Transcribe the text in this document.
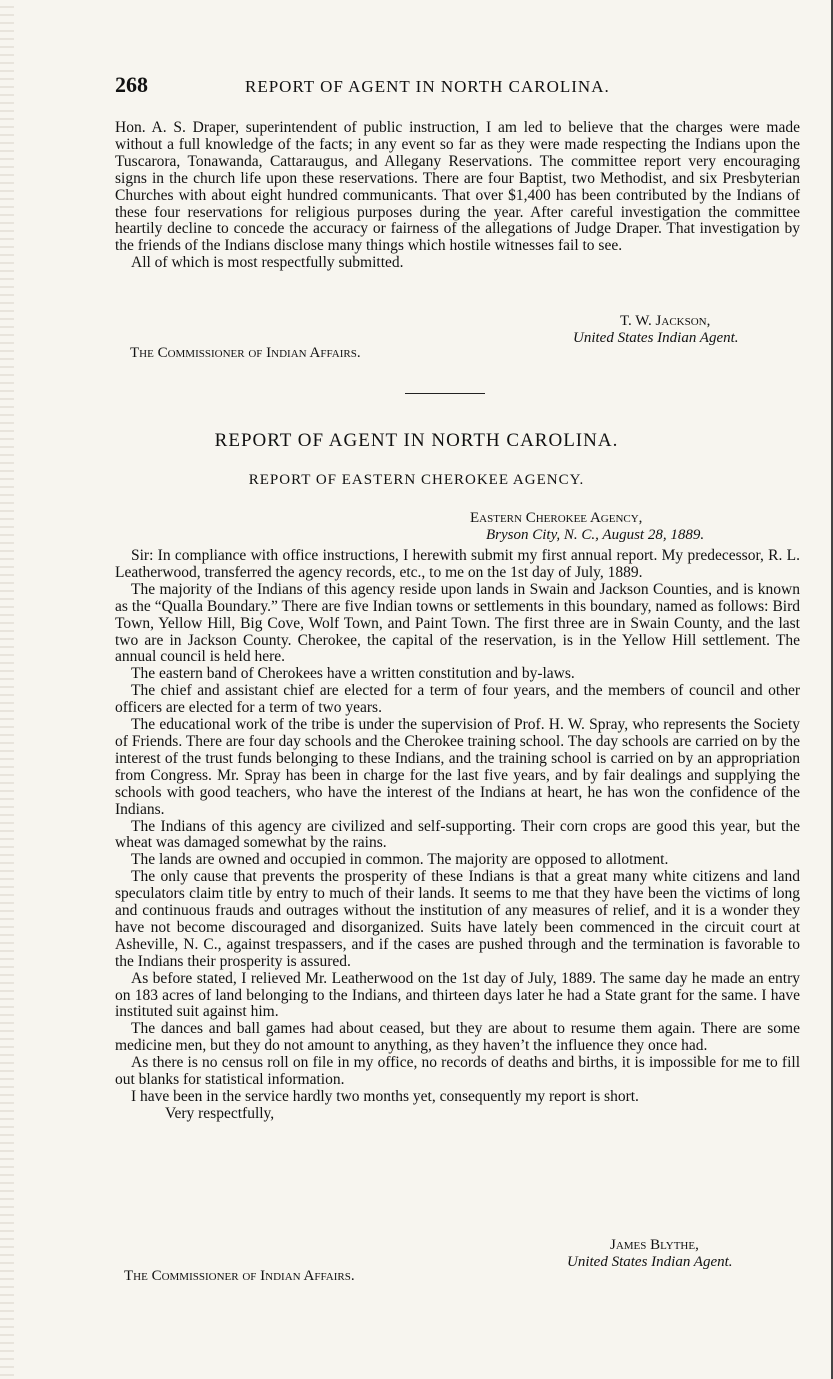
268	REPORT OF AGENT IN NORTH CAROLINA.

Hon. A. S. Draper, superintendent of public instruction, I am led to believe that the charges were made without a full knowledge of the facts; in any event so far as they were made respecting the Indians upon the Tuscarora, Tonawanda, Cattaraugus, and Allegany Reservations. The committee report very encouraging signs in the church life upon these reservations. There are four Baptist, two Methodist, and six Presbyterian Churches with about eight hundred communicants. That over $1,400 has been contributed by the Indians of these four reservations for religious purposes during the year. After careful investigation the committee heartily decline to concede the accuracy or fairness of the allegations of Judge Draper. That investigation by the friends of the Indians disclose many things which hostile witnesses fail to see.

All of which is most respectfully submitted.

T. W. Jackson,
United States Indian Agent.
The Commissioner of Indian Affairs.
REPORT OF AGENT IN NORTH CAROLINA.
REPORT OF EASTERN CHEROKEE AGENCY.
Eastern Cherokee Agency,
Bryson City, N. C., August 28, 1889.

Sir: In compliance with office instructions, I herewith submit my first annual report. My predecessor, R. L. Leatherwood, transferred the agency records, etc., to me on the 1st day of July, 1889.

The majority of the Indians of this agency reside upon lands in Swain and Jackson Counties, and is known as the “Qualla Boundary.” There are five Indian towns or settlements in this boundary, named as follows: Bird Town, Yellow Hill, Big Cove, Wolf Town, and Paint Town. The first three are in Swain County, and the last two are in Jackson County. Cherokee, the capital of the reservation, is in the Yellow Hill settlement. The annual council is held here.

The eastern band of Cherokees have a written constitution and by-laws.

The chief and assistant chief are elected for a term of four years, and the members of council and other officers are elected for a term of two years.

The educational work of the tribe is under the supervision of Prof. H. W. Spray, who represents the Society of Friends. There are four day schools and the Cherokee training school. The day schools are carried on by the interest of the trust funds belonging to these Indians, and the training school is carried on by an appropriation from Congress. Mr. Spray has been in charge for the last five years, and by fair dealings and supplying the schools with good teachers, who have the interest of the Indians at heart, he has won the confidence of the Indians.

The Indians of this agency are civilized and self-supporting. Their corn crops are good this year, but the wheat was damaged somewhat by the rains.

The lands are owned and occupied in common. The majority are opposed to allotment.

The only cause that prevents the prosperity of these Indians is that a great many white citizens and land speculators claim title by entry to much of their lands. It seems to me that they have been the victims of long and continuous frauds and outrages without the institution of any measures of relief, and it is a wonder they have not become discouraged and disorganized. Suits have lately been commenced in the circuit court at Asheville, N. C., against trespassers, and if the cases are pushed through and the termination is favorable to the Indians their prosperity is assured.

As before stated, I relieved Mr. Leatherwood on the 1st day of July, 1889. The same day he made an entry on 183 acres of land belonging to the Indians, and thirteen days later he had a State grant for the same. I have instituted suit against him.

The dances and ball games had about ceased, but they are about to resume them again. There are some medicine men, but they do not amount to anything, as they haven’t the influence they once had.

As there is no census roll on file in my office, no records of deaths and births, it is impossible for me to fill out blanks for statistical information.

I have been in the service hardly two months yet, consequently my report is short.

Very respectfully,

James Blythe,
United States Indian Agent.
The Commissioner of Indian Affairs.
